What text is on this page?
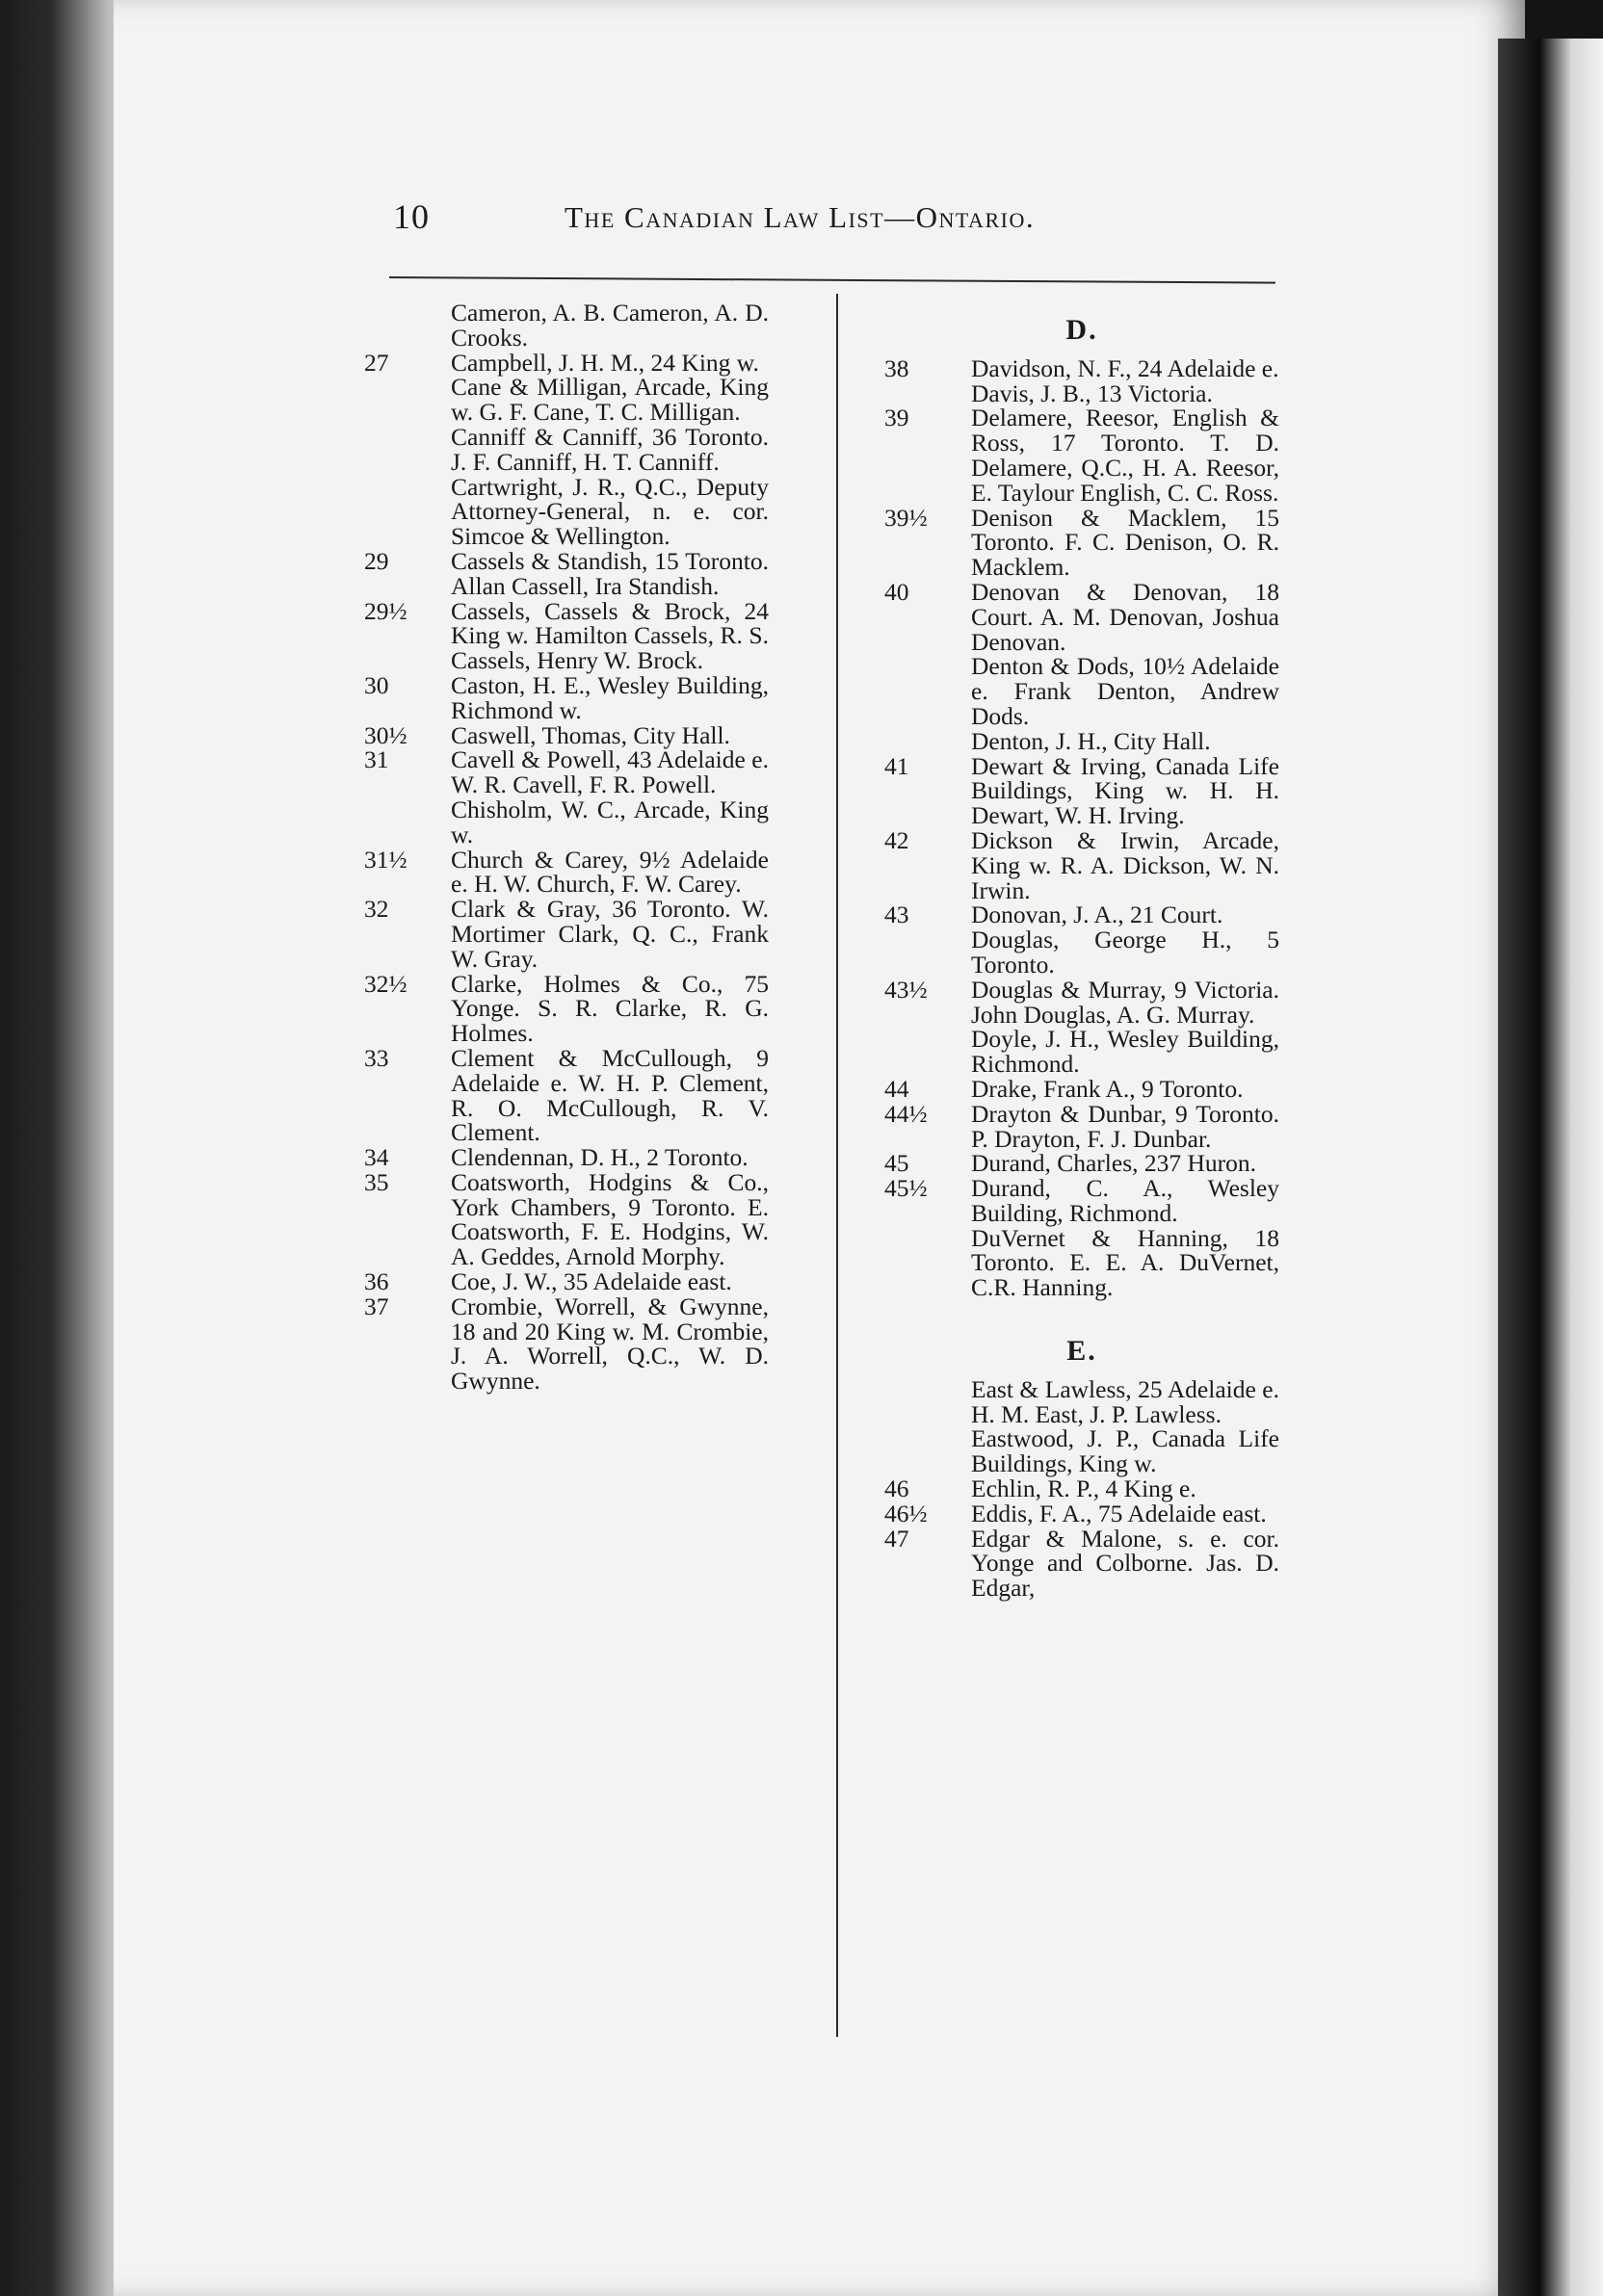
10	The Canadian Law List—Ontario.
Cameron, A. B. Cameron, A. D. Crooks.
27	Campbell, J. H. M., 24 King w.
Cane & Milligan, Arcade, King w. G. F. Cane, T. C. Milligan.
Canniff & Canniff, 36 Toronto. J. F. Canniff, H. T. Canniff.
Cartwright, J. R., Q.C., Deputy Attorney-General, n. e. cor. Simcoe & Wellington.
29	Cassels & Standish, 15 Toronto. Allan Cassell, Ira Standish.
29½	Cassels, Cassels & Brock, 24 King w. Hamilton Cassels, R. S. Cassels, Henry W. Brock.
30	Caston, H. E., Wesley Building, Richmond w.
30½	Caswell, Thomas, City Hall.
31	Cavell & Powell, 43 Adelaide e. W. R. Cavell, F. R. Powell.
Chisholm, W. C., Arcade, King w.
31½	Church & Carey, 9½ Adelaide e. H. W. Church, F. W. Carey.
32	Clark & Gray, 36 Toronto. W. Mortimer Clark, Q. C., Frank W. Gray.
32½	Clarke, Holmes & Co., 75 Yonge. S. R. Clarke, R. G. Holmes.
33	Clement & McCullough, 9 Adelaide e. W. H. P. Clement, R. O. McCullough, R. V. Clement.
34	Clendennan, D. H., 2 Toronto.
35	Coatsworth, Hodgins & Co., York Chambers, 9 Toronto. E. Coatsworth, F. E. Hodgins, W. A. Geddes, Arnold Morphy.
36	Coe, J. W., 35 Adelaide east.
37	Crombie, Worrell, & Gwynne, 18 and 20 King w. M. Crombie, J. A. Worrell, Q.C., W. D. Gwynne.
D.
38	Davidson, N. F., 24 Adelaide e.
Davis, J. B., 13 Victoria.
39	Delamere, Reesor, English & Ross, 17 Toronto. T. D. Delamere, Q.C., H. A. Reesor, E. Taylour English, C. C. Ross.
39½	Denison & Macklem, 15 Toronto. F. C. Denison, O. R. Macklem.
40	Denovan & Denovan, 18 Court. A. M. Denovan, Joshua Denovan.
Denton & Dods, 10½ Adelaide e. Frank Denton, Andrew Dods.
Denton, J. H., City Hall.
41	Dewart & Irving, Canada Life Buildings, King w. H. H. Dewart, W. H. Irving.
42	Dickson & Irwin, Arcade, King w. R. A. Dickson, W. N. Irwin.
43	Donovan, J. A., 21 Court.
Douglas, George H., 5 Toronto.
43½	Douglas & Murray, 9 Victoria. John Douglas, A. G. Murray.
Doyle, J. H., Wesley Building, Richmond.
44	Drake, Frank A., 9 Toronto.
44½	Drayton & Dunbar, 9 Toronto. P. Drayton, F. J. Dunbar.
45	Durand, Charles, 237 Huron.
45½	Durand, C. A., Wesley Building, Richmond.
DuVernet & Hanning, 18 Toronto. E. E. A. DuVernet, C.R. Hanning.
E.
East & Lawless, 25 Adelaide e. H. M. East, J. P. Lawless.
Eastwood, J. P., Canada Life Buildings, King w.
46	Echlin, R. P., 4 King e.
46½	Eddis, F. A., 75 Adelaide east.
47	Edgar & Malone, s. e. cor. Yonge and Colborne. Jas. D. Edgar,
